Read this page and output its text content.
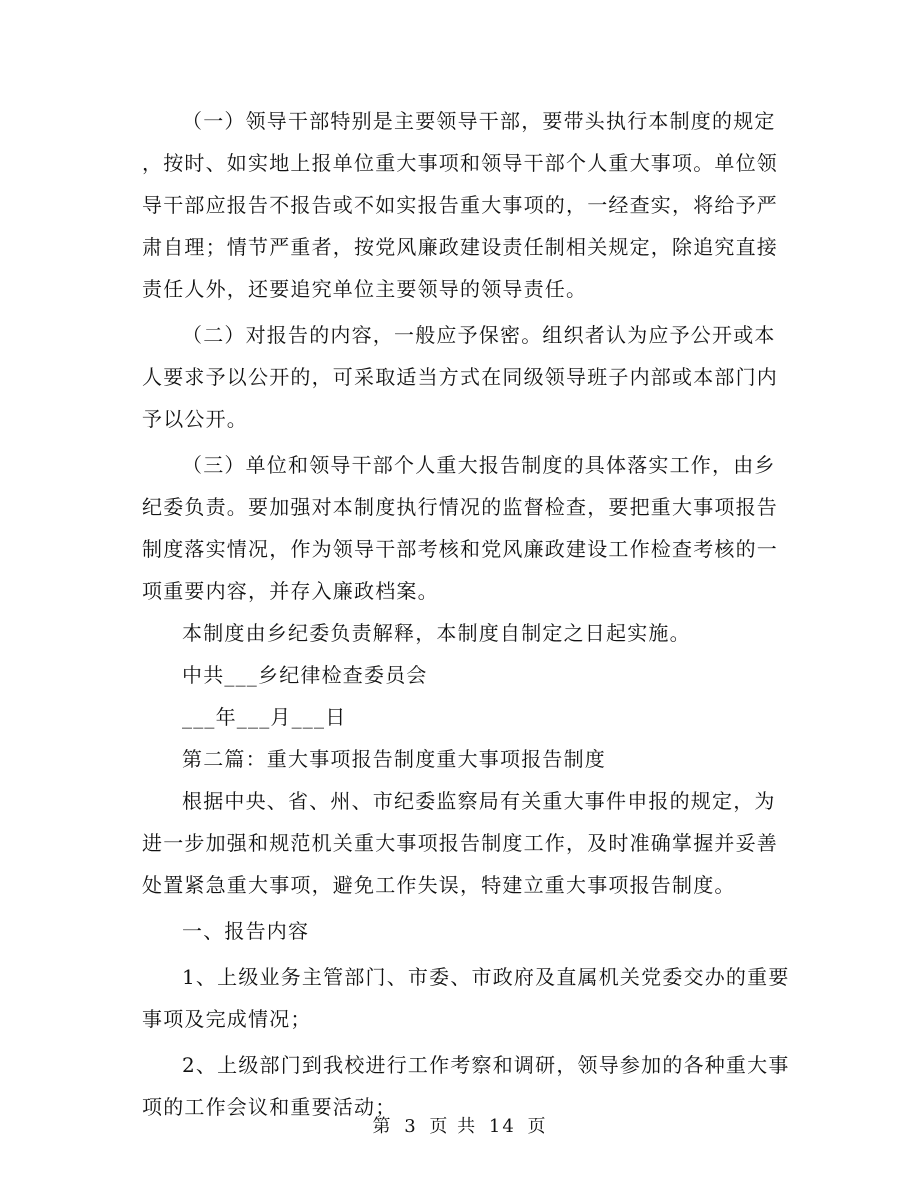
（一）领导干部特别是主要领导干部，要带头执行本制度的规定
，按时、如实地上报单位重大事项和领导干部个人重大事项。单位领
导干部应报告不报告或不如实报告重大事项的，一经查实，将给予严
肃自理；情节严重者，按党风廉政建设责任制相关规定，除追究直接
责任人外，还要追究单位主要领导的领导责任。
（二）对报告的内容，一般应予保密。组织者认为应予公开或本
人要求予以公开的，可采取适当方式在同级领导班子内部或本部门内
予以公开。
（三）单位和领导干部个人重大报告制度的具体落实工作，由乡
纪委负责。要加强对本制度执行情况的监督检查，要把重大事项报告
制度落实情况，作为领导干部考核和党风廉政建设工作检查考核的一
项重要内容，并存入廉政档案。
本制度由乡纪委负责解释，本制度自制定之日起实施。
中共___乡纪律检查委员会
___年___月___日
第二篇：重大事项报告制度重大事项报告制度
根据中央、省、州、市纪委监察局有关重大事件申报的规定，为
进一步加强和规范机关重大事项报告制度工作，及时准确掌握并妥善
处置紧急重大事项，避免工作失误，特建立重大事项报告制度。
一、报告内容
1、上级业务主管部门、市委、市政府及直属机关党委交办的重要
事项及完成情况；
2、上级部门到我校进行工作考察和调研，领导参加的各种重大事
项的工作会议和重要活动；
第 3 页 共 14 页
